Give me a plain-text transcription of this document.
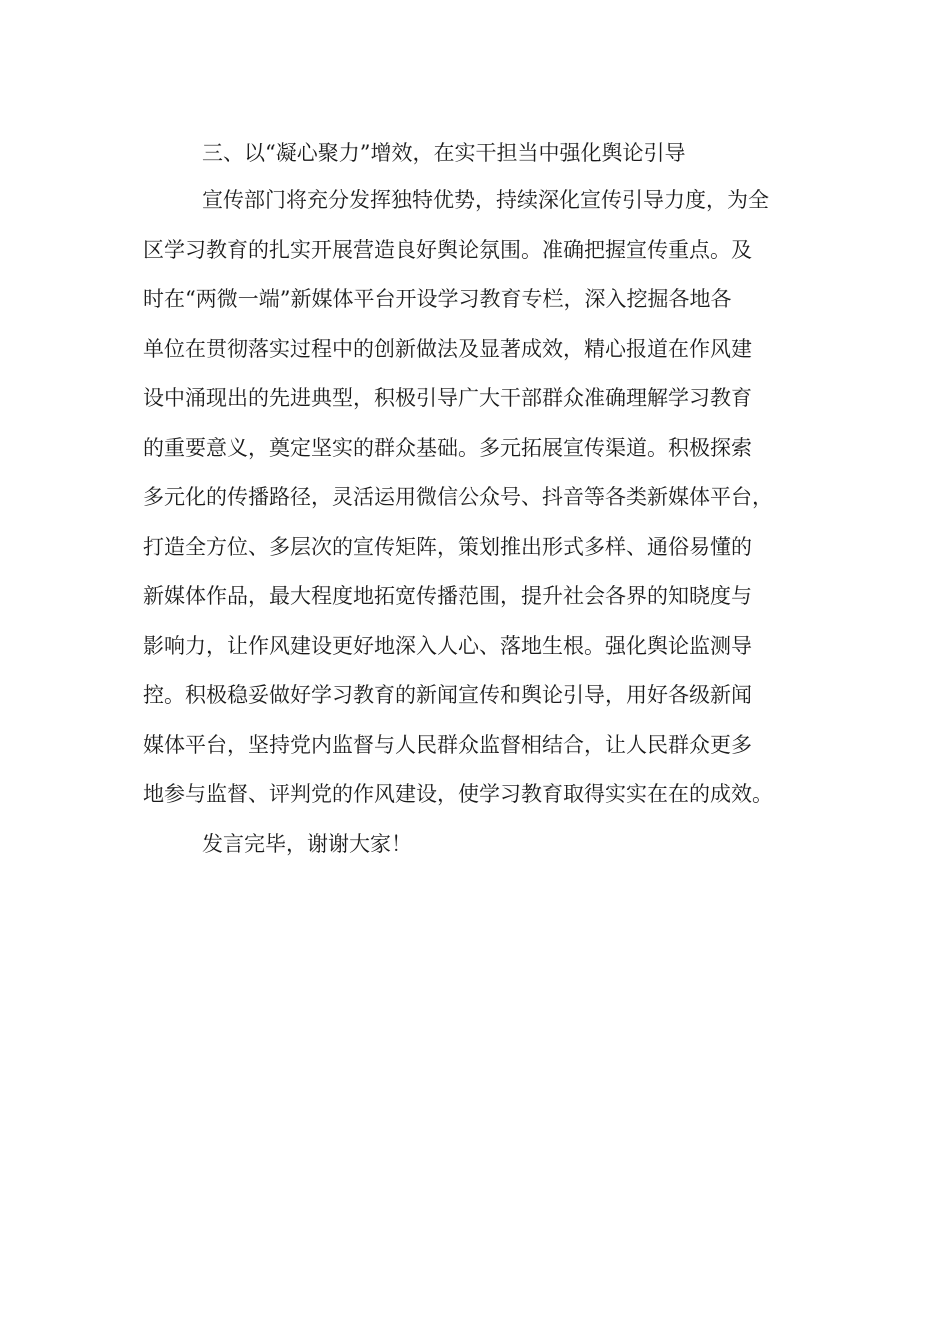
三、以“凝心聚力”增效，在实干担当中强化舆论引导

宣传部门将充分发挥独特优势，持续深化宣传引导力度，为全

区学习教育的扎实开展营造良好舆论氛围。准确把握宣传重点。及

时在“两微一端”新媒体平台开设学习教育专栏，深入挖掘各地各

单位在贯彻落实过程中的创新做法及显著成效，精心报道在作风建

设中涌现出的先进典型，积极引导广大干部群众准确理解学习教育

的重要意义，奠定坚实的群众基础。多元拓展宣传渠道。积极探索

多元化的传播路径，灵活运用微信公众号、抖音等各类新媒体平台，

打造全方位、多层次的宣传矩阵，策划推出形式多样、通俗易懂的

新媒体作品，最大程度地拓宽传播范围，提升社会各界的知晓度与

影响力，让作风建设更好地深入人心、落地生根。强化舆论监测导

控。积极稳妥做好学习教育的新闻宣传和舆论引导，用好各级新闻

媒体平台，坚持党内监督与人民群众监督相结合，让人民群众更多

地参与监督、评判党的作风建设，使学习教育取得实实在在的成效。

发言完毕，谢谢大家！
